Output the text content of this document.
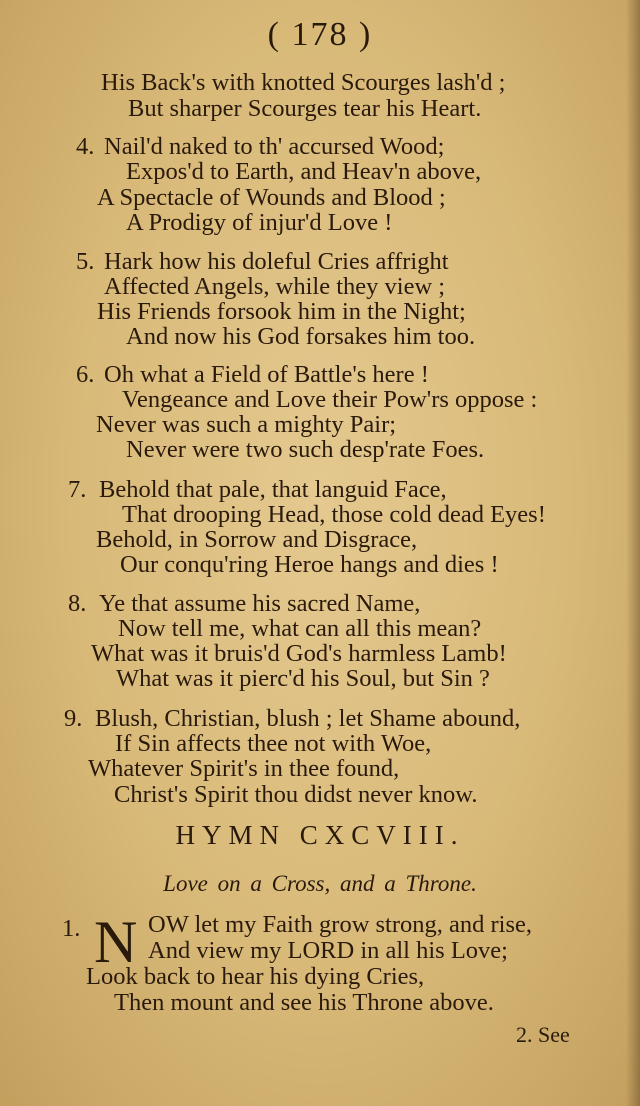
( 178 )
His Back's with knotted Scourges lash'd ;
But sharper Scourges tear his Heart.
4. Nail'd naked to th' accursed Wood;
Expos'd to Earth, and Heav'n above,
A Spectacle of Wounds and Blood ;
A Prodigy of injur'd Love !
5. Hark how his doleful Cries affright
Affected Angels, while they view ;
His Friends forsook him in the Night;
And now his God forsakes him too.
6. Oh what a Field of Battle's here !
Vengeance and Love their Pow'rs oppose :
Never was such a mighty Pair;
Never were two such desp'rate Foes.
7. Behold that pale, that languid Face,
That drooping Head, those cold dead Eyes!
Behold, in Sorrow and Disgrace,
Our conqu'ring Heroe hangs and dies !
8. Ye that assume his sacred Name,
Now tell me, what can all this mean?
What was it bruis'd God's harmless Lamb!
What was it pierc'd his Soul, but Sin ?
9. Blush, Christian, blush ; let Shame abound,
If Sin affects thee not with Woe,
Whatever Spirit's in thee found,
Christ's Spirit thou didst never know.
HYMN CXCVIII.
Love on a Cross, and a Throne.
1. N OW let my Faith grow strong, and rise,
And view my LORD in all his Love;
Look back to hear his dying Cries,
Then mount and see his Throne above.
2. See
